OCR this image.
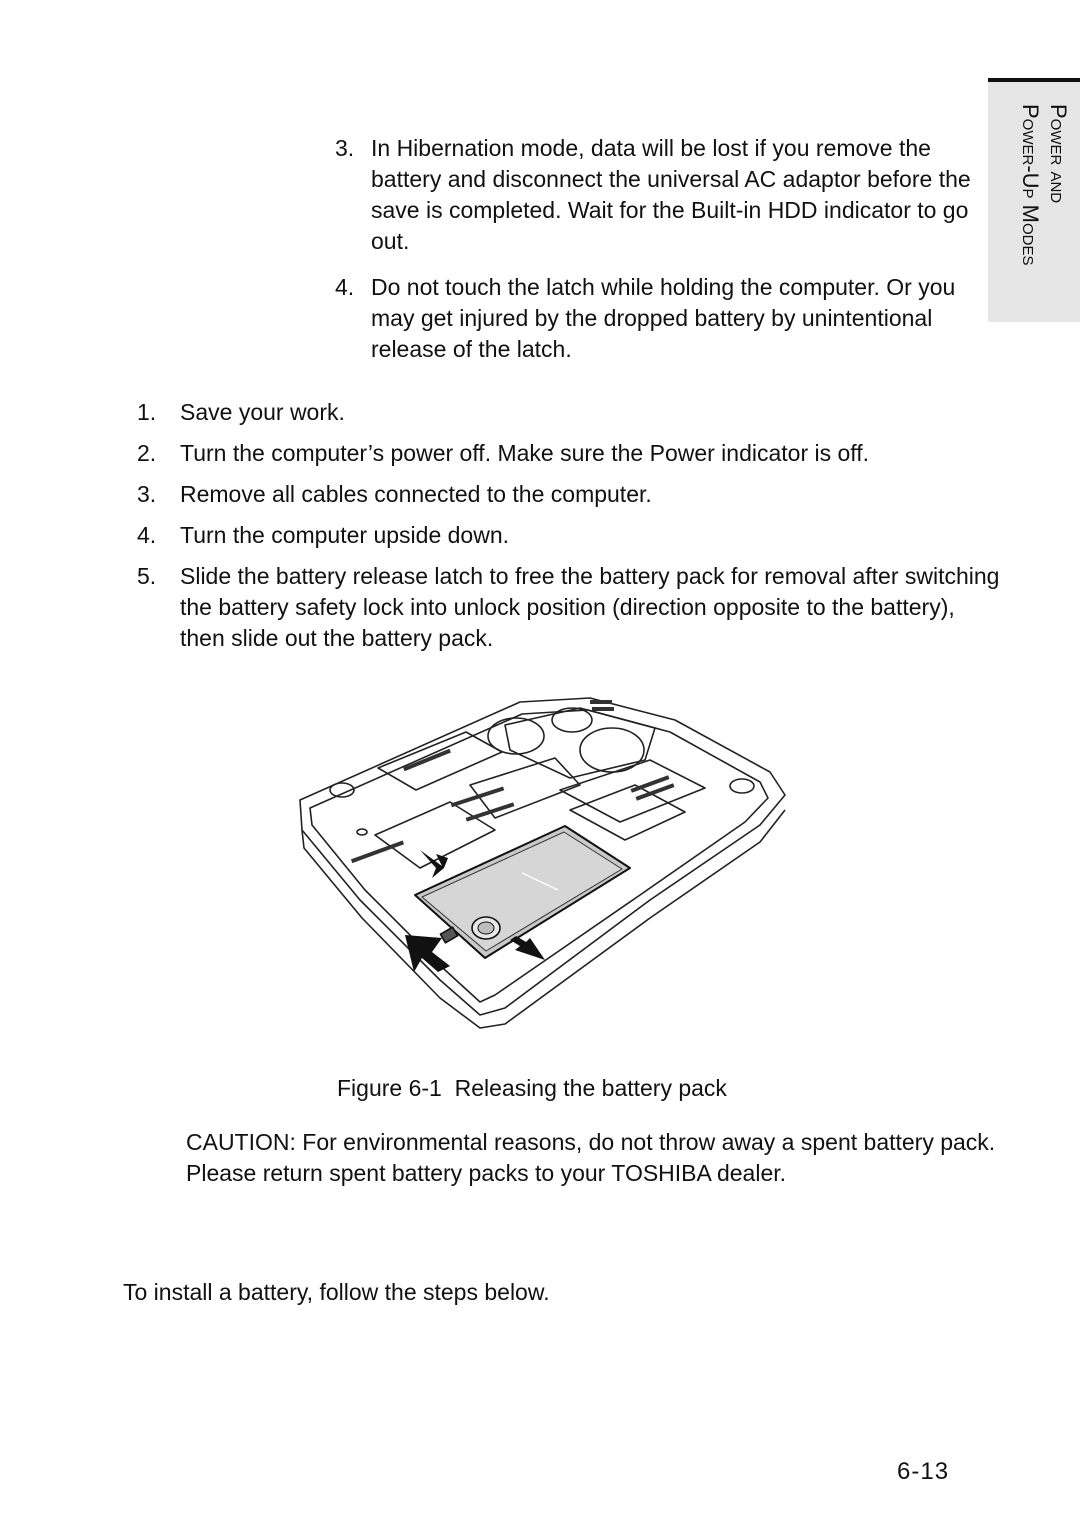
Power and
Power-Up Modes
3. In Hibernation mode, data will be lost if you remove the battery and disconnect the universal AC adaptor before the save is completed. Wait for the Built-in HDD indicator to go out.
4. Do not touch the latch while holding the computer. Or you may get injured by the dropped battery by unintentional release of the latch.
1. Save your work.
2. Turn the computer’s power off. Make sure the Power indicator is off.
3. Remove all cables connected to the computer.
4. Turn the computer upside down.
5. Slide the battery release latch to free the battery pack for removal after switching the battery safety lock into unlock position (direction opposite to the battery), then slide out the battery pack.
Figure 6-1  Releasing the battery pack
CAUTION: For environmental reasons, do not throw away a spent battery pack. Please return spent battery packs to your TOSHIBA dealer.
To install a battery, follow the steps below.
6-13
